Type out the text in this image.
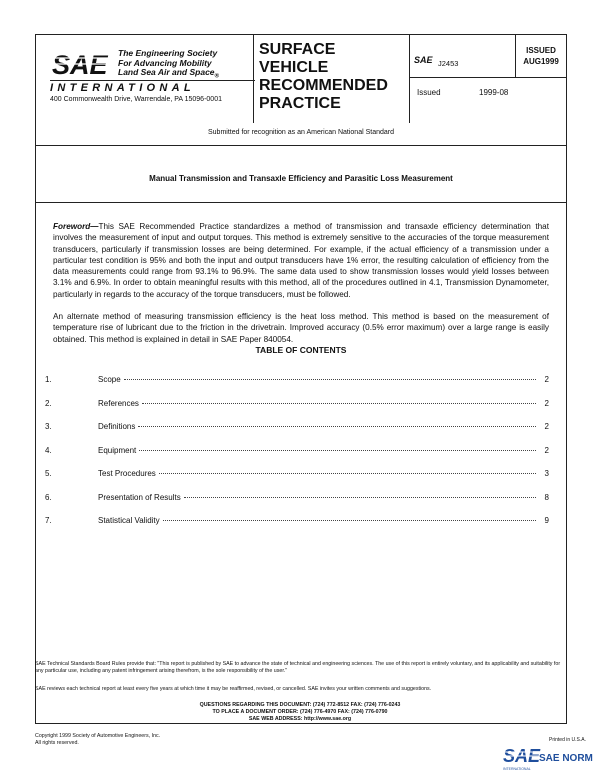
SAE The Engineering Society
For Advancing Mobility
Land Sea Air and Space$_®$
INTERNATIONAL
400 Commonwealth Drive, Warrendale, PA 15096-0001
SURFACE
VEHICLE
RECOMMENDED
PRACTICE
SAE J2453
Issued	1999-08
ISSUED
AUG1999
Submitted for recognition as an American National Standard
Manual Transmission and Transaxle Efficiency and Parasitic Loss Measurement

Foreword—This SAE Recommended Practice standardizes a method of transmission and transaxle efficiency determination that involves the measurement of input and output torques. This method is extremely sensitive to the accuracies of the torque measurement transducers, particularly if transmission losses are being determined. For example, if the actual efficiency of a transmission under a particular test condition is 95% and both the input and output transducers have 1% error, the resulting calculation of efficiency from the data measurements could range from 93.1% to 96.9%. The same data used to show transmission losses would yield losses between 3.1% and 6.9%. In order to obtain meaningful results with this method, all of the procedures outlined in 4.1, Transmission Dynamometer, particularly in regards to the accuracy of the torque transducers, must be followed.

An alternate method of measuring transmission efficiency is the heat loss method. This method is based on the measurement of temperature rise of lubricant due to the friction in the drivetrain. Improved accuracy (0.5% error maximum) over a large range is easily obtained. This method is explained in detail in SAE Paper 840054.

TABLE OF CONTENTS
1.	Scope	2
2.	References	2
3.	Definitions	2
4.	Equipment	2
5.	Test Procedures	3
6.	Presentation of Results	8
7.	Statistical Validity	9
SAE Technical Standards Board Rules provide that: "This report is published by SAE to advance the state of technical and engineering sciences. The use of this report is entirely voluntary, and its applicability and suitability for any particular use, including any patent infringement arising therefrom, is the sole responsibility of the user."
SAE reviews each technical report at least every five years at which time it may be reaffirmed, revised, or cancelled. SAE invites your written comments and suggestions.
QUESTIONS REGARDING THIS DOCUMENT: (724) 772-8512 FAX: (724) 776-0243
TO PLACE A DOCUMENT ORDER: (724) 776-4970 FAX: (724) 776-0790
SAE WEB ADDRESS: http://www.sae.org
Copyright 1999 Society of Automotive Engineers, Inc.
All rights reserved.	Printed in U.S.A.
SAE
SAE NORM
INTERNATIONAL
